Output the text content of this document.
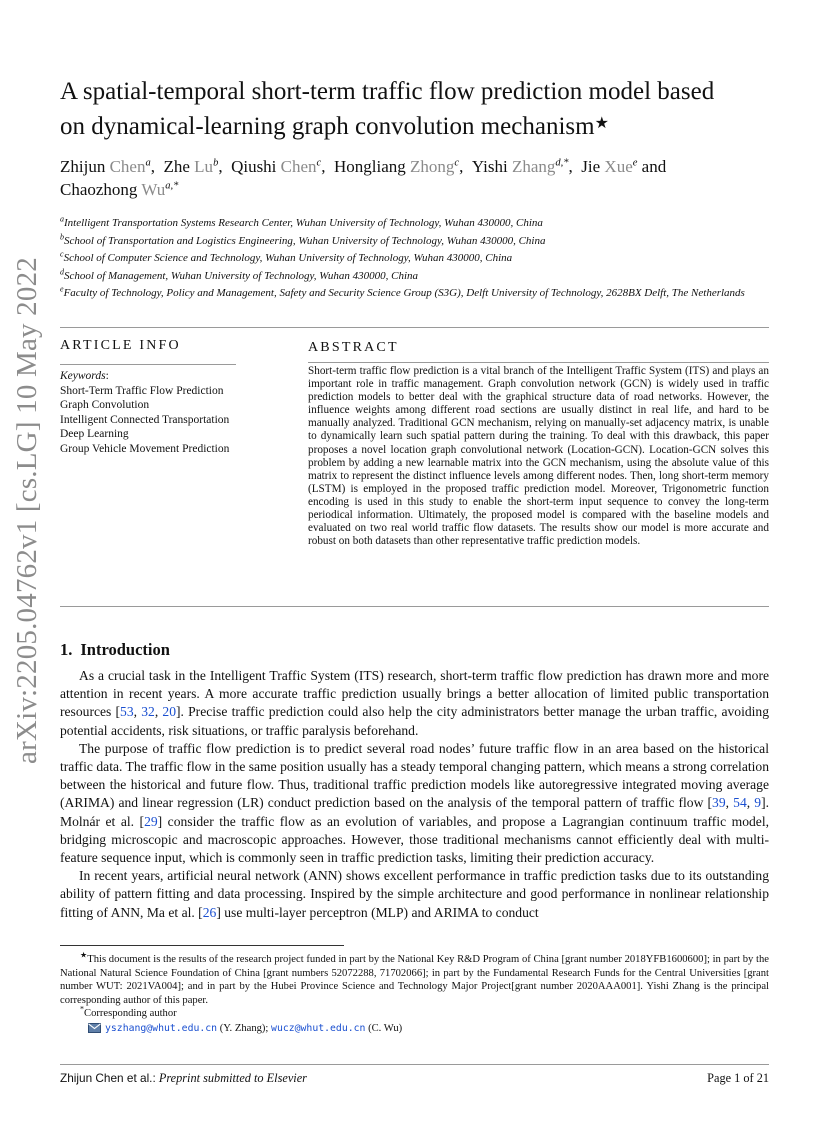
arXiv:2205.04762v1 [cs.LG] 10 May 2022
A spatial-temporal short-term traffic flow prediction model based
on dynamical-learning graph convolution mechanism★
Zhijun Chen$^a$,  Zhe Lu$^b$,  Qiushi Chen$^c$,  Hongliang Zhong$^c$,  Yishi Zhang$^{d,*}$,  Jie Xue$^e$ and
Chaozhong $Wu^{a,*}$
$^a$Intelligent Transportation Systems Research Center, Wuhan University of Technology, Wuhan 430000, China
$^b$School of Transportation and Logistics Engineering, Wuhan University of Technology, Wuhan 430000, China
$^c$School of Computer Science and Technology, Wuhan University of Technology, Wuhan 430000, China
$^d$School of Management, Wuhan University of Technology, Wuhan 430000, China
$^e$Faculty of Technology, Policy and Management, Safety and Security Science Group (S3G), Delft University of Technology, 2628BX Delft, The Netherlands
ARTICLE INFO
Keywords:
Short-Term Traffic Flow Prediction
Graph Convolution
Intelligent Connected Transportation
Deep Learning
Group Vehicle Movement Prediction
ABSTRACT
Short-term traffic flow prediction is a vital branch of the Intelligent Traffic System (ITS) and plays an important role in traffic management. Graph convolution network (GCN) is widely used in traffic prediction models to better deal with the graphical structure data of road networks. However, the influence weights among different road sections are usually distinct in real life, and hard to be manually analyzed. Traditional GCN mechanism, relying on manually-set adjacency matrix, is unable to dynamically learn such spatial pattern during the training. To deal with this drawback, this paper proposes a novel location graph convolutional network (Location-GCN). Location-GCN solves this problem by adding a new learnable matrix into the GCN mechanism, using the absolute value of this matrix to represent the distinct influence levels among different nodes. Then, long short-term memory (LSTM) is employed in the proposed traffic prediction model. Moreover, Trigonometric function encoding is used in this study to enable the short-term input sequence to convey the long-term periodical information. Ultimately, the proposed model is compared with the baseline models and evaluated on two real world traffic flow datasets. The results show our model is more accurate and robust on both datasets than other representative traffic prediction models.
1. Introduction

As a crucial task in the Intelligent Traffic System (ITS) research, short-term traffic flow prediction has drawn more and more attention in recent years. A more accurate traffic prediction usually brings a better allocation of limited public transportation resources [53, 32, 20]. Precise traffic prediction could also help the city administrators better manage the urban traffic, avoiding potential accidents, risk situations, or traffic paralysis beforehand.

The purpose of traffic flow prediction is to predict several road nodes’ future traffic flow in an area based on the historical traffic data. The traffic flow in the same position usually has a steady temporal changing pattern, which means a strong correlation between the historical and future flow. Thus, traditional traffic prediction models like autoregressive integrated moving average (ARIMA) and linear regression (LR) conduct prediction based on the analysis of the temporal pattern of traffic flow [39, 54, 9]. Molnár et al. [29] consider the traffic flow as an evolution of variables, and propose a Lagrangian continuum traffic model, bridging microscopic and macroscopic approaches. However, those traditional mechanisms cannot efficiently deal with multi-feature sequence input, which is commonly seen in traffic prediction tasks, limiting their prediction accuracy.

In recent years, artificial neural network (ANN) shows excellent performance in traffic prediction tasks due to its outstanding ability of pattern fitting and data processing. Inspired by the simple architecture and good performance in nonlinear relationship fitting of ANN, Ma et al. [26] use multi-layer perceptron (MLP) and ARIMA to conduct

★This document is the results of the research project funded in part by the National Key R&D Program of China [grant number 2018YFB1600600]; in part by the National Natural Science Foundation of China [grant numbers 52072288, 71702066]; in part by the Fundamental Research Funds for the Central Universities [grant number WUT: 2021VA004]; and in part by the Hubei Province Science and Technology Major Project[grant number 2020AAA001]. Yishi Zhang is the principal corresponding author of this paper.

*Corresponding author

yszhang@whut.edu.cn (Y. Zhang); wucz@whut.edu.cn (C. Wu)
Zhijun Chen et al.: Preprint submitted to Elsevier	Page 1 of 21
